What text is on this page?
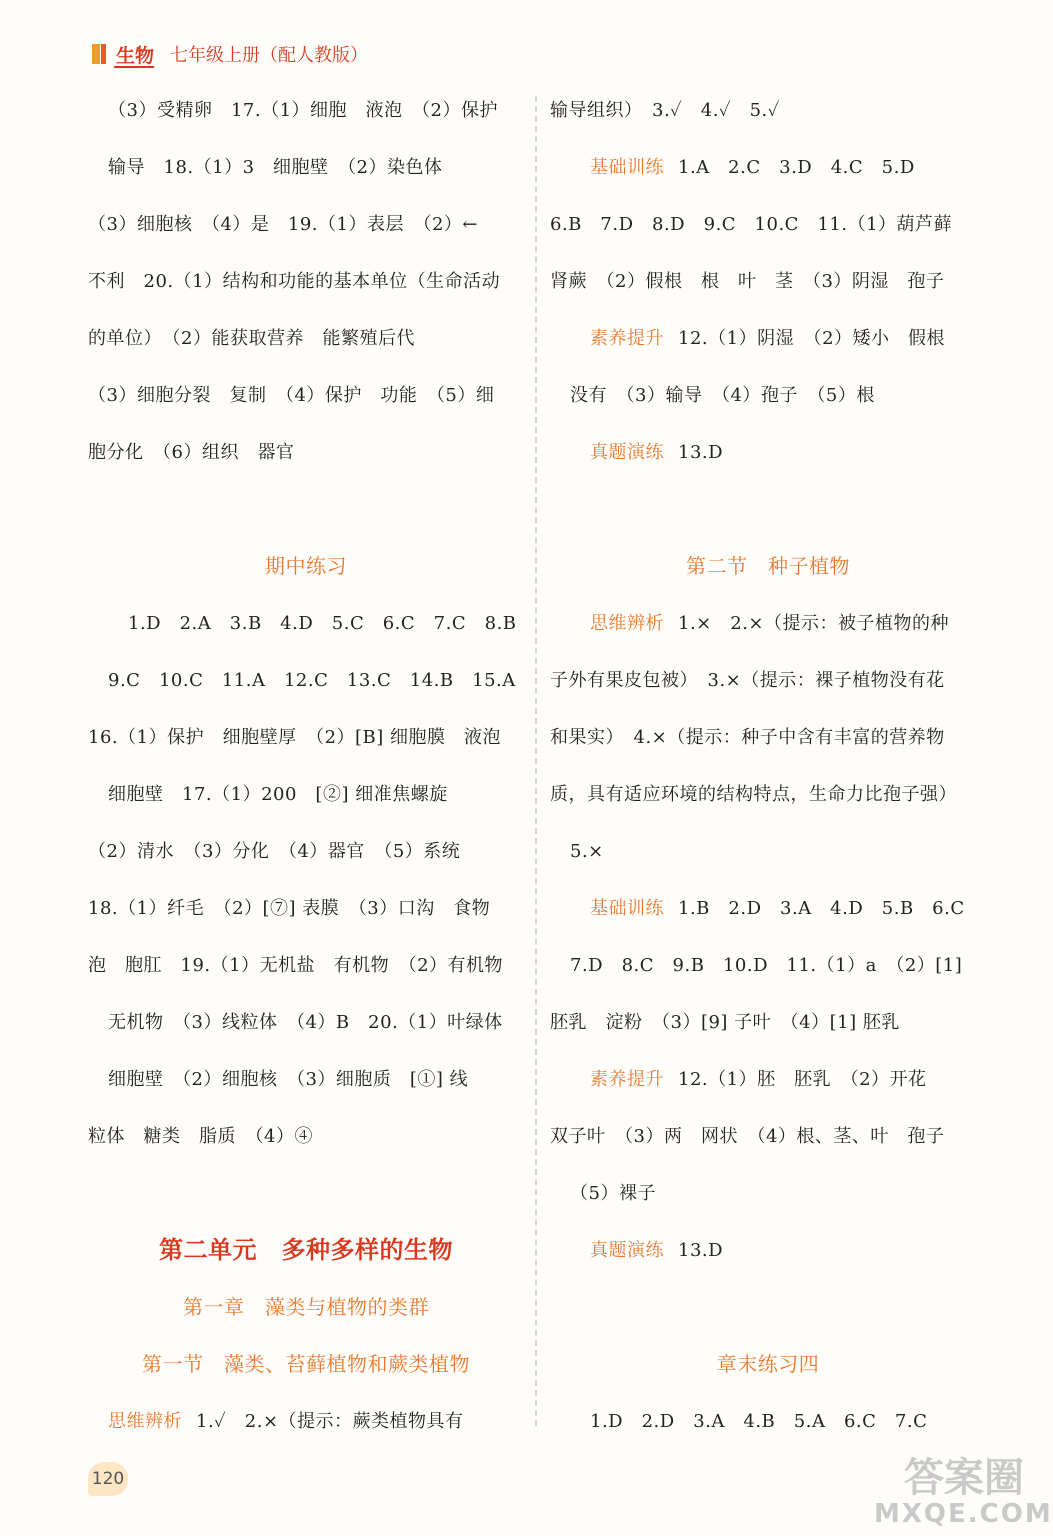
生物 七年级上册（配人教版）
（3）受精卵　17.（1）细胞　液泡　（2）保护
输导　18.（1）3　细胞壁　（2）染色体
（3）细胞核　（4）是　19.（1）表层　（2）←
不利　20.（1）结构和功能的基本单位（生命活动
的单位）　（2）能获取营养　能繁殖后代
（3）细胞分裂　复制　（4）保护　功能　（5）细
胞分化　（6）组织　器官
期中练习
1.D　2.A　3.B　4.D　5.C　6.C　7.C　8.B
9.C　10.C　11.A　12.C　13.C　14.B　15.A
16.（1）保护　细胞壁厚　（2）[B] 细胞膜　液泡
细胞壁　17.（1）200　[②] 细准焦螺旋
（2）清水　（3）分化　（4）器官　（5）系统
18.（1）纤毛　（2）[⑦] 表膜　（3）口沟　食物
泡　胞肛　19.（1）无机盐　有机物　（2）有机物
无机物　（3）线粒体　（4）B　20.（1）叶绿体
细胞壁　（2）细胞核　（3）细胞质　[①] 线
粒体　糖类　脂质　（4）④
第二单元　多种多样的生物
第一章　藻类与植物的类群
第一节　藻类、苔藓植物和蕨类植物
思维辨析 1.✓　2.×（提示：蕨类植物具有
输导组织）　3.✓　4.✓　5.✓
基础训练 1.A　2.C　3.D　4.C　5.D
6.B　7.D　8.D　9.C　10.C　11.（1）葫芦藓
肾蕨　（2）假根　根　叶　茎　（3）阴湿　孢子
素养提升 12.（1）阴湿　（2）矮小　假根
没有　（3）输导　（4）孢子　（5）根
真题演练 13.D
第二节　种子植物
思维辨析 1.×　2.×（提示：被子植物的种
子外有果皮包被）　3.×（提示：裸子植物没有花
和果实）　4.×（提示：种子中含有丰富的营养物
质，具有适应环境的结构特点，生命力比孢子强）
5.×
基础训练 1.B　2.D　3.A　4.D　5.B　6.C
7.D　8.C　9.B　10.D　11.（1）a　（2）[1]
胚乳　淀粉　（3）[9] 子叶　（4）[1] 胚乳
素养提升 12.（1）胚　胚乳　（2）开花
双子叶　（3）两　网状　（4）根、茎、叶　孢子
（5）裸子
真题演练 13.D
章末练习四
1.D　2.D　3.A　4.B　5.A　6.C　7.C
120	答案圈
MXQE.COM
